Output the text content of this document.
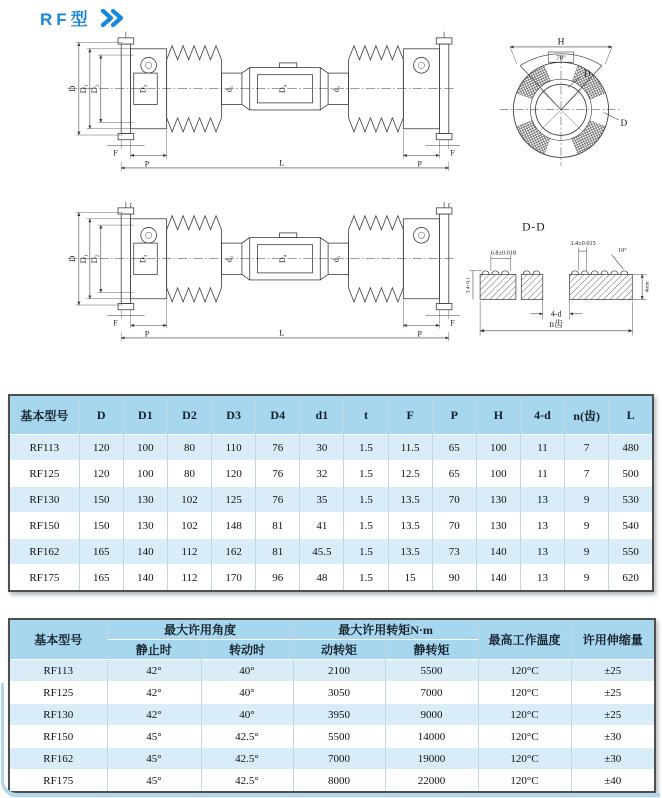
RF型
H
70°
D
D
t	t
D-D
6.8±0.018
3.4±0.015
10°
4min
3.4+0.1
4-d
n齿
基本型号	D	D1	D2	D3	D4	d1	t	F	P	H	4-d	n(齿)	L
RF113	120	100	80	110	76	30	1.5	11.5	65	100	11	7	480
RF125	120	100	80	120	76	32	1.5	12.5	65	100	11	7	500
RF130	150	130	102	125	76	35	1.5	13.5	70	130	13	9	530
RF150	150	130	102	148	81	41	1.5	13.5	70	130	13	9	540
RF162	165	140	112	162	81	45.5	1.5	13.5	73	140	13	9	550
RF175	165	140	112	170	96	48	1.5	15	90	140	13	9	620
基本型号	最大许用角度		最大许用转矩N·m		最高工作温度	许用伸缩量
	静止时	转动时	动转矩	静转矩		
RF113	42°	40°	2100	5500	120°C	±25
RF125	42°	40°	3050	7000	120°C	±25
RF130	42°	40°	3950	9000	120°C	±25
RF150	45°	42.5°	5500	14000	120°C	±30
RF162	45°	42.5°	7000	19000	120°C	±30
RF175	45°	42.5°	8000	22000	120°C	±40
